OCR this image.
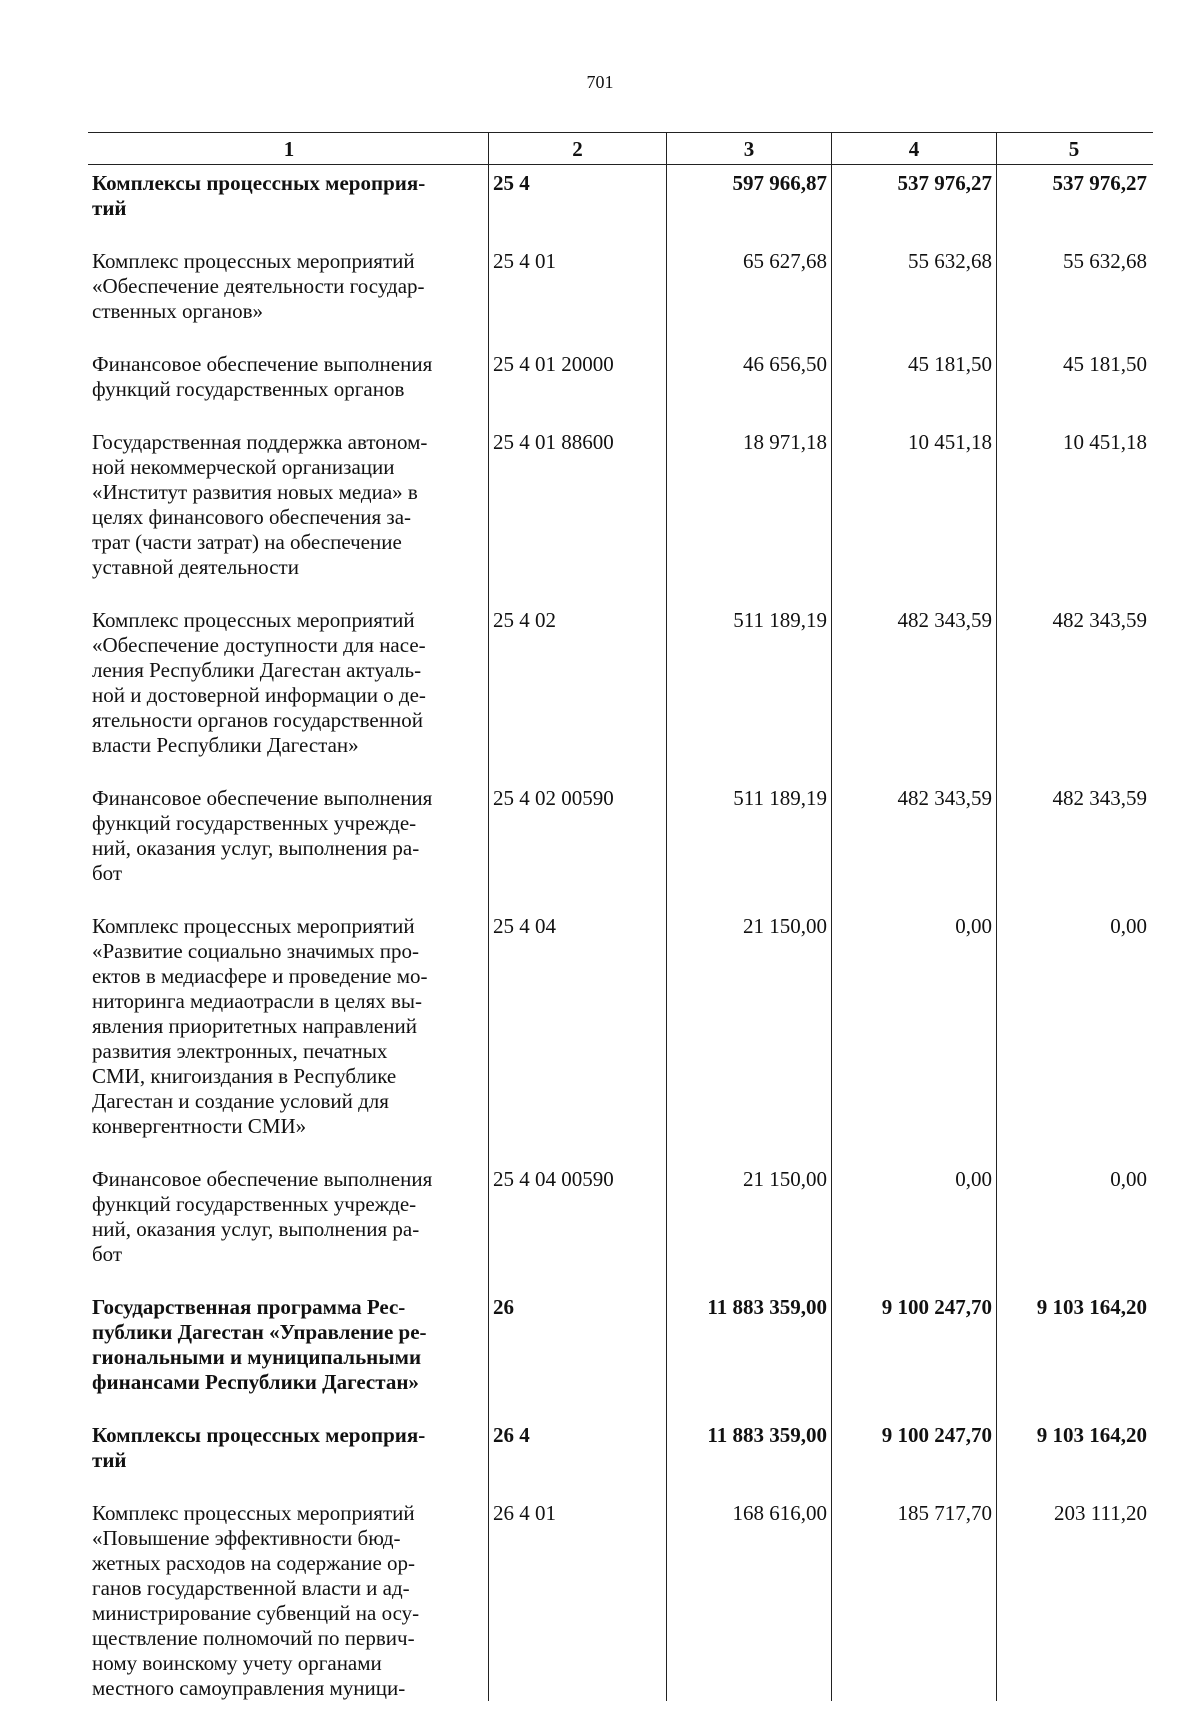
701
1	2	3	4	5
Комплексы процессных мероприя-
тий
25 4	597 966,87	537 976,27	537 976,27
Комплекс процессных мероприятий
«Обеспечение деятельности государ-
ственных органов»
25 4 01	65 627,68	55 632,68	55 632,68
Финансовое обеспечение выполнения
функций государственных органов
25 4 01 20000	46 656,50	45 181,50	45 181,50
Государственная поддержка автоном-
ной некоммерческой организации
«Институт развития новых медиа» в
целях финансового обеспечения за-
трат (части затрат) на обеспечение
уставной деятельности
25 4 01 88600	18 971,18	10 451,18	10 451,18
Комплекс процессных мероприятий
«Обеспечение доступности для насе-
ления Республики Дагестан актуаль-
ной и достоверной информации о де-
ятельности органов государственной
власти Республики Дагестан»
25 4 02	511 189,19	482 343,59	482 343,59
Финансовое обеспечение выполнения
функций государственных учрежде-
ний, оказания услуг, выполнения ра-
бот
25 4 02 00590	511 189,19	482 343,59	482 343,59
Комплекс процессных мероприятий
«Развитие социально значимых про-
ектов в медиасфере и проведение мо-
ниторинга медиаотрасли в целях вы-
явления приоритетных направлений
развития электронных, печатных
СМИ, книгоиздания в Республике
Дагестан и создание условий для
конвергентности СМИ»
25 4 04	21 150,00	0,00	0,00
Финансовое обеспечение выполнения
функций государственных учрежде-
ний, оказания услуг, выполнения ра-
бот
25 4 04 00590	21 150,00	0,00	0,00
Государственная программа Рес-
публики Дагестан «Управление ре-
гиональными и муниципальными
финансами Республики Дагестан»
26	11 883 359,00	9 100 247,70	9 103 164,20
Комплексы процессных мероприя-
тий
26 4	11 883 359,00	9 100 247,70	9 103 164,20
Комплекс процессных мероприятий
«Повышение эффективности бюд-
жетных расходов на содержание ор-
ганов государственной власти и ад-
министрирование субвенций на осу-
ществление полномочий по первич-
ному воинскому учету органами
местного самоуправления муници-
26 4 01	168 616,00	185 717,70	203 111,20
